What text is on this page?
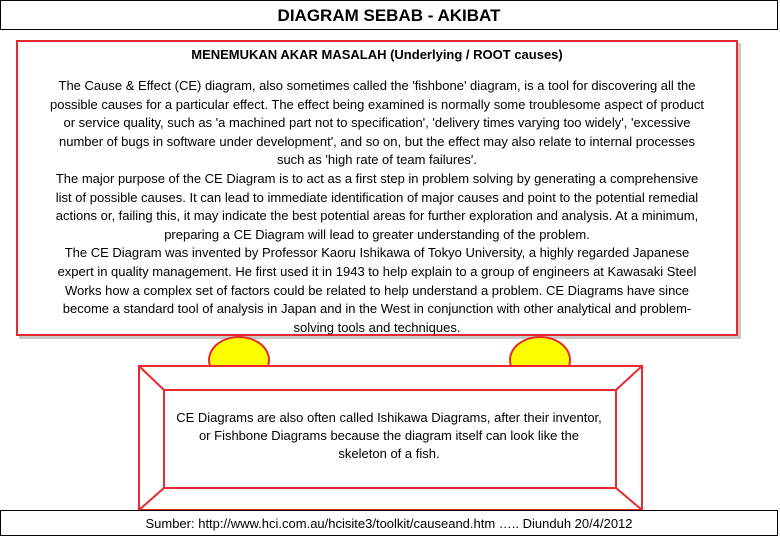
DIAGRAM SEBAB - AKIBAT
MENEMUKAN AKAR MASALAH (Underlying / ROOT causes)
The Cause & Effect (CE) diagram, also sometimes called the 'fishbone' diagram, is a tool for discovering all the
possible causes for a particular effect. The effect being examined is normally some troublesome aspect of product
or service quality, such as 'a machined part not to specification', 'delivery times varying too widely', 'excessive
number of bugs in software under development', and so on, but the effect may also relate to internal processes
such as 'high rate of team failures'.
The major purpose of the CE Diagram is to act as a first step in problem solving by generating a comprehensive
list of possible causes. It can lead to immediate identification of major causes and point to the potential remedial
actions or, failing this, it may indicate the best potential areas for further exploration and analysis. At a minimum,
preparing a CE Diagram will lead to greater understanding of the problem.
The CE Diagram was invented by Professor Kaoru Ishikawa of Tokyo University, a highly regarded Japanese
expert in quality management. He first used it in 1943 to help explain to a group of engineers at Kawasaki Steel
Works how a complex set of factors could be related to help understand a problem. CE Diagrams have since
become a standard tool of analysis in Japan and in the West in conjunction with other analytical and problem-
solving tools and techniques.
CE Diagrams are also often called Ishikawa Diagrams, after their inventor,
or Fishbone Diagrams because the diagram itself can look like the
skeleton of a fish.
Sumber: http://www.hci.com.au/hcisite3/toolkit/causeand.htm ….. Diunduh 20/4/2012
